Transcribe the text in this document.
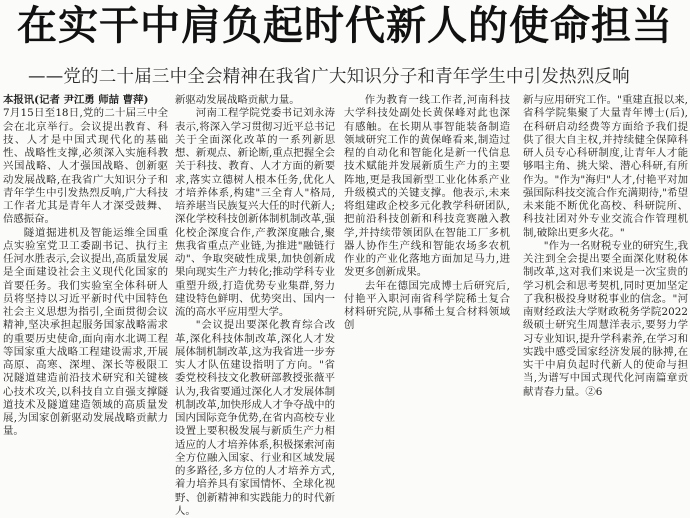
在实干中肩负起时代新人的使命担当
——党的二十届三中全会精神在我省广大知识分子和青年学生中引发热烈反响

本报讯(记者 尹江勇 师喆 曹萍)
7月15日至18日,党的二十届三中全会在北京举行。会议提出教育、科技、人才是中国式现代化的基础性、战略性支撑,必须深入实施科教兴国战略、人才强国战略、创新驱动发展战略,在我省广大知识分子和青年学生中引发热烈反响,广大科技工作者尤其是青年人才深受鼓舞、倍感振奋。

隧道掘进机及智能运维全国重点实验室党卫工委副书记、执行主任河水胜表示,会议提出,高质量发展是全面建设社会主义现代化国家的首要任务。我们实验室全体科研人员将坚持以习近平新时代中国特色社会主义思想为指引,全面贯彻会议精神,坚决承担起服务国家战略需求的重要历史使命,面向南水北调工程等国家重大战略工程建设需求,开展高原、高寒、深埋、深长等极限工况隧道建造前沿技术研究和关键核心技术攻关,以科技自立自强支撑隧道技术及隧道建造领域的高质量发展,为国家创新驱动发展战略贡献力量。

新驱动发展战略贡献力量。

河南工程学院党委书记刘永涛表示,将深入学习贯彻习近平总书记关于全面深化改革的一系列新思想、新观点、新论断,重点把握全会关于科技、教育、人才方面的新要求,落实立德树人根本任务,优化人才培养体系,构建"三全育人"格局,培养堪当民族复兴大任的时代新人;深化学校科技创新体制机制改革,强化校企深度合作,产教深度融合,聚焦我省重点产业链,为推进"融链行动"、争取突破性成果,加快创新成果向现实生产力转化;推动学科专业重塑升级,打造优势专业集群,努力建设特色鲜明、优势突出、国内一流的高水平应用型大学。

"会议提出要深化教育综合改革,深化科技体制改革,深化人才发展体制机制改革,这为我省进一步夯实人才队伍建设指明了方向。"省委党校科技文化教研部教授张薇平认为,我省要通过深化人才发展体制机制改革,加快形成人才争夺战中的国内国际竞争优势,在省内高校专业设置上要积极发展与新质生产力相适应的人才培养体系,积极探索河南全方位融入国家、行业和区域发展的多路径,多方位的人才培养方式,着力培养具有家国情怀、全球化视野、创新精神和实践能力的时代新人。

作为教育一线工作者,河南科技大学科技处副处长黄保峰对此也深有感触。在长期从事智能装备制造领域研究工作的黄保峰看来,制造过程的自动化和智能化是新一代信息技术赋能并发展新质生产力的主要阵地,更是我国新型工业化体系产业升级模式的关键支撑。他表示,未来将组建政企校多元化教学科研团队,把前沿科技创新和科技竞赛融入教学,并持续带领团队在智能工厂多机器人协作生产线和智能农场多农机作业的产业化落地方面加足马力,进发更多创新成果。

去年在德国完成博士后研究后,付艳平入职河南省科学院稀土复合材料研究院,从事稀土复合材料领域创

新与应用研究工作。"重建直报以来,省科学院集聚了大量青年博士(后),在科研启动经费等方面给予我们提供了很大自主权,并持续健全保障科研人员专心科研制度,让青年人才能够唱主角、挑大梁、潜心科研,有所作为。"作为"海归"人才,付艳平对加强国际科技交流合作充满期待,"希望未来能不断优化高校、科研院所、科技社团对外专业交流合作管理机制,破除出更多火花。"

"作为一名财税专业的研究生,我关注到全会提出要全面深化财税体制改革,这对我们来说是一次宝贵的学习机会和思考契机,同时更加坚定了我积极投身财税事业的信念。"河南财经政法大学财政税务学院2022级硕士研究生周慧洋表示,要努力学习专业知识,提升学科素养,在学习和实践中感受国家经济发展的脉搏,在实干中肩负起时代新人的使命与担当,为谱写中国式现代化河南篇章贡献青春力量。②6
